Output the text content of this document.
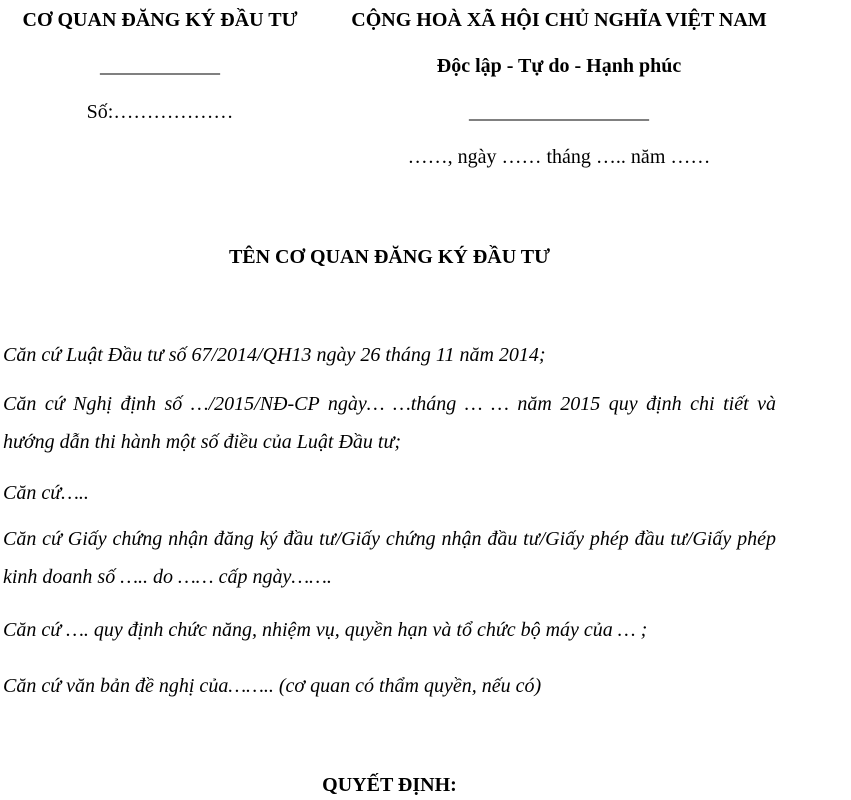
CƠ QUAN ĐĂNG KÝ ĐẦU TƯ
____________
Số:………………
CỘNG HOÀ XÃ HỘI CHỦ NGHĨA VIỆT NAM
Độc lập - Tự do - Hạnh phúc
__________________
……, ngày …… tháng ….. năm ……
TÊN CƠ QUAN ĐĂNG KÝ ĐẦU TƯ
Căn cứ Luật Đầu tư số 67/2014/QH13 ngày 26 tháng 11 năm 2014;
Căn cứ Nghị định số …/2015/NĐ-CP ngày… …tháng … … năm 2015 quy định chi tiết và
hướng dẫn thi hành một số điều của Luật Đầu tư;
Căn cứ…..
Căn cứ Giấy chứng nhận đăng ký đầu tư/Giấy chứng nhận đầu tư/Giấy phép đầu tư/Giấy phép
kinh doanh số ….. do …… cấp ngày…….
Căn cứ …. quy định chức năng, nhiệm vụ, quyền hạn và tổ chức bộ máy của … ;
Căn cứ văn bản đề nghị của…….. (cơ quan có thẩm quyền, nếu có)
QUYẾT ĐỊNH:
